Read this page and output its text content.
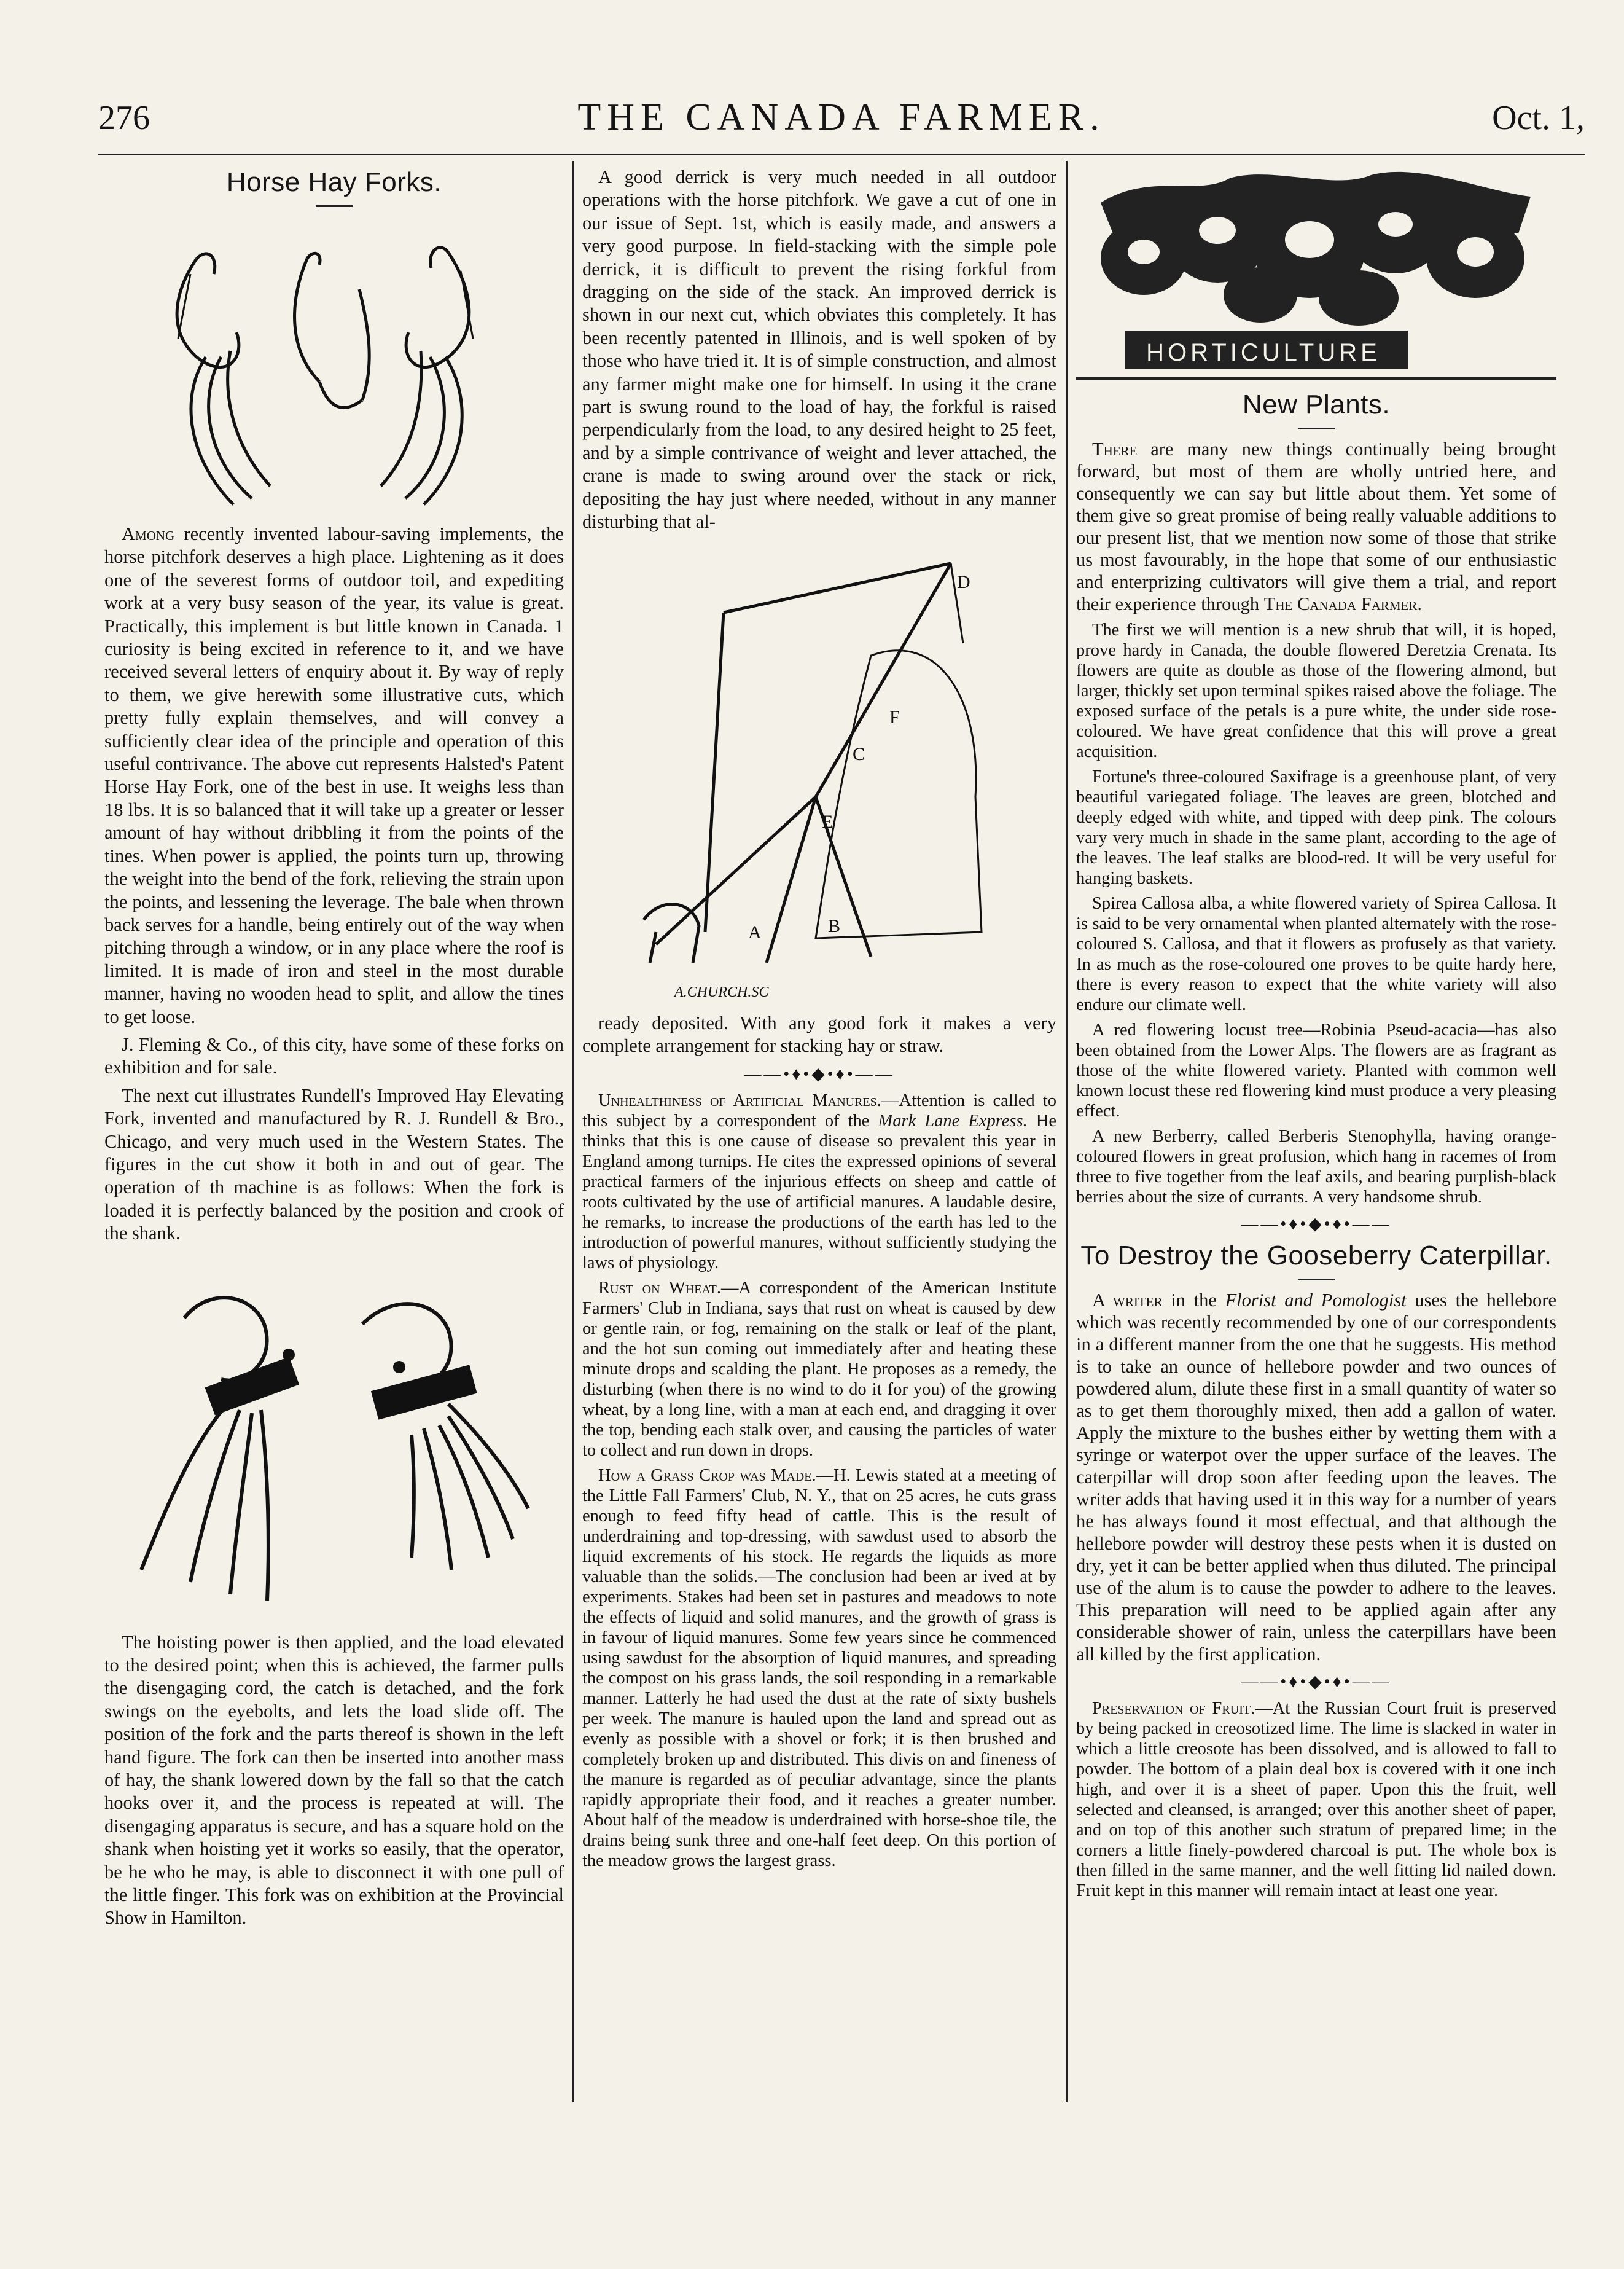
276	THE CANADA FARMER.	Oct. 1,
Horse Hay Forks.

Among recently invented labour-saving implements, the horse pitchfork deserves a high place. Lightening as it does one of the severest forms of outdoor toil, and expediting work at a very busy season of the year, its value is great. Practically, this implement is but little known in Canada. 1 curiosity is being excited in reference to it, and we have received several letters of enquiry about it. By way of reply to them, we give herewith some illustrative cuts, which pretty fully explain themselves, and will convey a sufficiently clear idea of the principle and operation of this useful contrivance. The above cut represents Halsted's Patent Horse Hay Fork, one of the best in use. It weighs less than 18 lbs. It is so balanced that it will take up a greater or lesser amount of hay without dribbling it from the points of the tines. When power is applied, the points turn up, throwing the weight into the bend of the fork, relieving the strain upon the points, and lessening the leverage. The bale when thrown back serves for a handle, being entirely out of the way when pitching through a window, or in any place where the roof is limited. It is made of iron and steel in the most durable manner, having no wooden head to split, and allow the tines to get loose.

J. Fleming & Co., of this city, have some of these forks on exhibition and for sale.

The next cut illustrates Rundell's Improved Hay Elevating Fork, invented and manufactured by R. J. Rundell & Bro., Chicago, and very much used in the Western States. The figures in the cut show it both in and out of gear. The operation of th machine is as follows: When the fork is loaded it is perfectly balanced by the position and crook of the shank.

The hoisting power is then applied, and the load elevated to the desired point; when this is achieved, the farmer pulls the disengaging cord, the catch is detached, and the fork swings on the eyebolts, and lets the load slide off. The position of the fork and the parts thereof is shown in the left hand figure. The fork can then be inserted into another mass of hay, the shank lowered down by the fall so that the catch hooks over it, and the process is repeated at will. The disengaging apparatus is secure, and has a square hold on the shank when hoisting yet it works so easily, that the operator, be he who he may, is able to disconnect it with one pull of the little finger. This fork was on exhibition at the Provincial Show in Hamilton.

A good derrick is very much needed in all outdoor operations with the horse pitchfork. We gave a cut of one in our issue of Sept. 1st, which is easily made, and answers a very good purpose. In field-stacking with the simple pole derrick, it is difficult to prevent the rising forkful from dragging on the side of the stack. An improved derrick is shown in our next cut, which obviates this completely. It has been recently patented in Illinois, and is well spoken of by those who have tried it. It is of simple construction, and almost any farmer might make one for himself. In using it the crane part is swung round to the load of hay, the forkful is raised perpendicularly from the load, to any desired height to 25 feet, and by a simple contrivance of weight and lever attached, the crane is made to swing around over the stack or rick, depositing the hay just where needed, without in any manner disturbing that al-

D
F
C
E
A	B
A.CHURCH.SC

ready deposited. With any good fork it makes a very complete arrangement for stacking hay or straw.

——•♦•◆•♦•——

Unhealthiness of Artificial Manures.—Attention is called to this subject by a correspondent of the Mark Lane Express. He thinks that this is one cause of disease so prevalent this year in England among turnips. He cites the expressed opinions of several practical farmers of the injurious effects on sheep and cattle of roots cultivated by the use of artificial manures. A laudable desire, he remarks, to increase the productions of the earth has led to the introduction of powerful manures, without sufficiently studying the laws of physiology.

Rust on Wheat.—A correspondent of the American Institute Farmers' Club in Indiana, says that rust on wheat is caused by dew or gentle rain, or fog, remaining on the stalk or leaf of the plant, and the hot sun coming out immediately after and heating these minute drops and scalding the plant. He proposes as a remedy, the disturbing (when there is no wind to do it for you) of the growing wheat, by a long line, with a man at each end, and dragging it over the top, bending each stalk over, and causing the particles of water to collect and run down in drops.

How a Grass Crop was Made.—H. Lewis stated at a meeting of the Little Fall Farmers' Club, N. Y., that on 25 acres, he cuts grass enough to feed fifty head of cattle. This is the result of underdraining and top-dressing, with sawdust used to absorb the liquid excrements of his stock. He regards the liquids as more valuable than the solids.—The conclusion had been ar ived at by experiments. Stakes had been set in pastures and meadows to note the effects of liquid and solid manures, and the growth of grass is in favour of liquid manures. Some few years since he commenced using sawdust for the absorption of liquid manures, and spreading the compost on his grass lands, the soil responding in a remarkable manner. Latterly he had used the dust at the rate of sixty bushels per week. The manure is hauled upon the land and spread out as evenly as possible with a shovel or fork; it is then brushed and completely broken up and distributed. This divis on and fineness of the manure is regarded as of peculiar advantage, since the plants rapidly appropriate their food, and it reaches a greater number. About half of the meadow is underdrained with horse-shoe tile, the drains being sunk three and one-half feet deep. On this portion of the meadow grows the largest grass.

HORTICULTURE
New Plants.

There are many new things continually being brought forward, but most of them are wholly untried here, and consequently we can say but little about them. Yet some of them give so great promise of being really valuable additions to our present list, that we mention now some of those that strike us most favourably, in the hope that some of our enthusiastic and enterprizing cultivators will give them a trial, and report their experience through The Canada Farmer.

The first we will mention is a new shrub that will, it is hoped, prove hardy in Canada, the double flowered Deretzia Crenata. Its flowers are quite as double as those of the flowering almond, but larger, thickly set upon terminal spikes raised above the foliage. The exposed surface of the petals is a pure white, the under side rose-coloured. We have great confidence that this will prove a great acquisition.

Fortune's three-coloured Saxifrage is a greenhouse plant, of very beautiful variegated foliage. The leaves are green, blotched and deeply edged with white, and tipped with deep pink. The colours vary very much in shade in the same plant, according to the age of the leaves. The leaf stalks are blood-red. It will be very useful for hanging baskets.

Spirea Callosa alba, a white flowered variety of Spirea Callosa. It is said to be very ornamental when planted alternately with the rose-coloured S. Callosa, and that it flowers as profusely as that variety. In as much as the rose-coloured one proves to be quite hardy here, there is every reason to expect that the white variety will also endure our climate well.

A red flowering locust tree—Robinia Pseud-acacia—has also been obtained from the Lower Alps. The flowers are as fragrant as those of the white flowered variety. Planted with common well known locust these red flowering kind must produce a very pleasing effect.

A new Berberry, called Berberis Stenophylla, having orange-coloured flowers in great profusion, which hang in racemes of from three to five together from the leaf axils, and bearing purplish-black berries about the size of currants. A very handsome shrub.

——•♦•◆•♦•——
To Destroy the Gooseberry Caterpillar.

A writer in the Florist and Pomologist uses the hellebore which was recently recommended by one of our correspondents in a different manner from the one that he suggests. His method is to take an ounce of hellebore powder and two ounces of powdered alum, dilute these first in a small quantity of water so as to get them thoroughly mixed, then add a gallon of water. Apply the mixture to the bushes either by wetting them with a syringe or waterpot over the upper surface of the leaves. The caterpillar will drop soon after feeding upon the leaves. The writer adds that having used it in this way for a number of years he has always found it most effectual, and that although the hellebore powder will destroy these pests when it is dusted on dry, yet it can be better applied when thus diluted. The principal use of the alum is to cause the powder to adhere to the leaves. This preparation will need to be applied again after any considerable shower of rain, unless the caterpillars have been all killed by the first application.

——•♦•◆•♦•——

Preservation of Fruit.—At the Russian Court fruit is preserved by being packed in creosotized lime. The lime is slacked in water in which a little creosote has been dissolved, and is allowed to fall to powder. The bottom of a plain deal box is covered with it one inch high, and over it is a sheet of paper. Upon this the fruit, well selected and cleansed, is arranged; over this another sheet of paper, and on top of this another such stratum of prepared lime; in the corners a little finely-powdered charcoal is put. The whole box is then filled in the same manner, and the well fitting lid nailed down. Fruit kept in this manner will remain intact at least one year.
